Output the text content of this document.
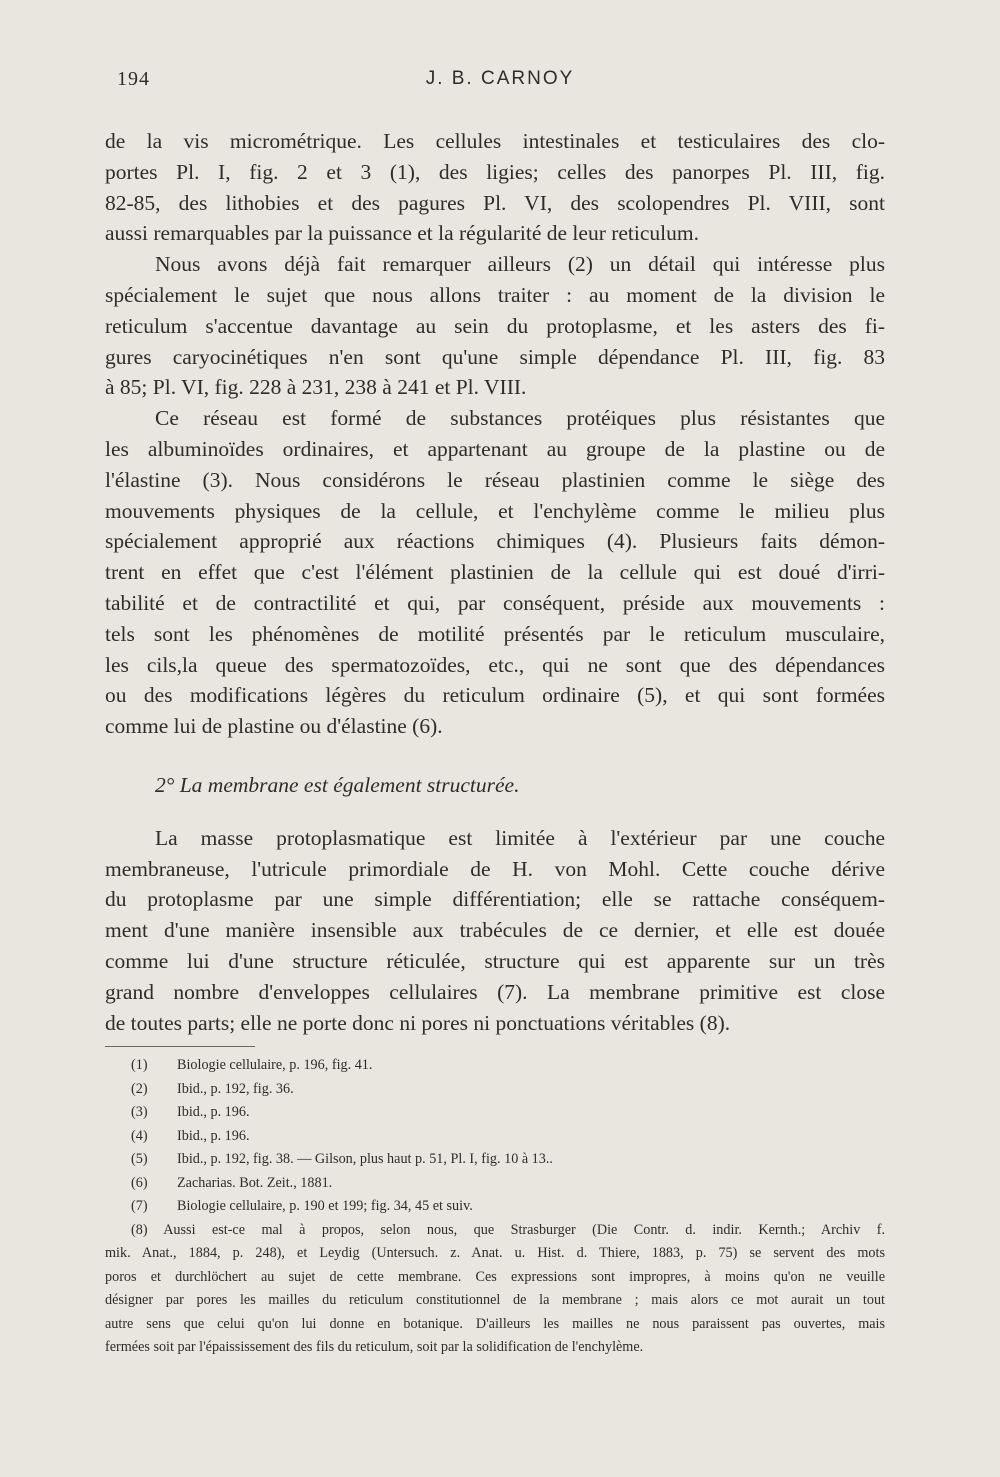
194	J. B. CARNOY
de la vis micrométrique. Les cellules intestinales et testiculaires des clo-
portes Pl. I, fig. 2 et 3 (1), des ligies; celles des panorpes Pl. III, fig.
82-85, des lithobies et des pagures Pl. VI, des scolopendres Pl. VIII, sont
aussi remarquables par la puissance et la régularité de leur reticulum.
Nous avons déjà fait remarquer ailleurs (2) un détail qui intéresse plus
spécialement le sujet que nous allons traiter : au moment de la division le
reticulum s'accentue davantage au sein du protoplasme, et les asters des fi-
gures caryocinétiques n'en sont qu'une simple dépendance Pl. III, fig. 83
à 85; Pl. VI, fig. 228 à 231, 238 à 241 et Pl. VIII.
Ce réseau est formé de substances protéiques plus résistantes que
les albuminoïdes ordinaires, et appartenant au groupe de la plastine ou de
l'élastine (3). Nous considérons le réseau plastinien comme le siège des
mouvements physiques de la cellule, et l'enchylème comme le milieu plus
spécialement approprié aux réactions chimiques (4). Plusieurs faits démon-
trent en effet que c'est l'élément plastinien de la cellule qui est doué d'irri-
tabilité et de contractilité et qui, par conséquent, préside aux mouvements :
tels sont les phénomènes de motilité présentés par le reticulum musculaire,
les cils,la queue des spermatozoïdes, etc., qui ne sont que des dépendances
ou des modifications légères du reticulum ordinaire (5), et qui sont formées
comme lui de plastine ou d'élastine (6).
2° La membrane est également structurée.
La masse protoplasmatique est limitée à l'extérieur par une couche
membraneuse, l'utricule primordiale de H. von Mohl. Cette couche dérive
du protoplasme par une simple différentiation; elle se rattache conséquem-
ment d'une manière insensible aux trabécules de ce dernier, et elle est douée
comme lui d'une structure réticulée, structure qui est apparente sur un très
grand nombre d'enveloppes cellulaires (7). La membrane primitive est close
de toutes parts; elle ne porte donc ni pores ni ponctuations véritables (8).
(1) Biologie cellulaire, p. 196, fig. 41.
(2) Ibid., p. 192, fig. 36.
(3) Ibid., p. 196.
(4) Ibid., p. 196.
(5) Ibid., p. 192, fig. 38. — Gilson, plus haut p. 51, Pl. I, fig. 10 à 13..
(6) Zacharias. Bot. Zeit., 1881.
(7) Biologie cellulaire, p. 190 et 199; fig. 34, 45 et suiv.
(8) Aussi est-ce mal à propos, selon nous, que Strasburger (Die Contr. d. indir. Kernth.; Archiv f.
mik. Anat., 1884, p. 248), et Leydig (Untersuch. z. Anat. u. Hist. d. Thiere, 1883, p. 75) se servent des mots
poros et durchlöchert au sujet de cette membrane. Ces expressions sont impropres, à moins qu'on ne veuille
désigner par pores les mailles du reticulum constitutionnel de la membrane ; mais alors ce mot aurait un tout
autre sens que celui qu'on lui donne en botanique. D'ailleurs les mailles ne nous paraissent pas ouvertes, mais
fermées soit par l'épaississement des fils du reticulum, soit par la solidification de l'enchylème.
